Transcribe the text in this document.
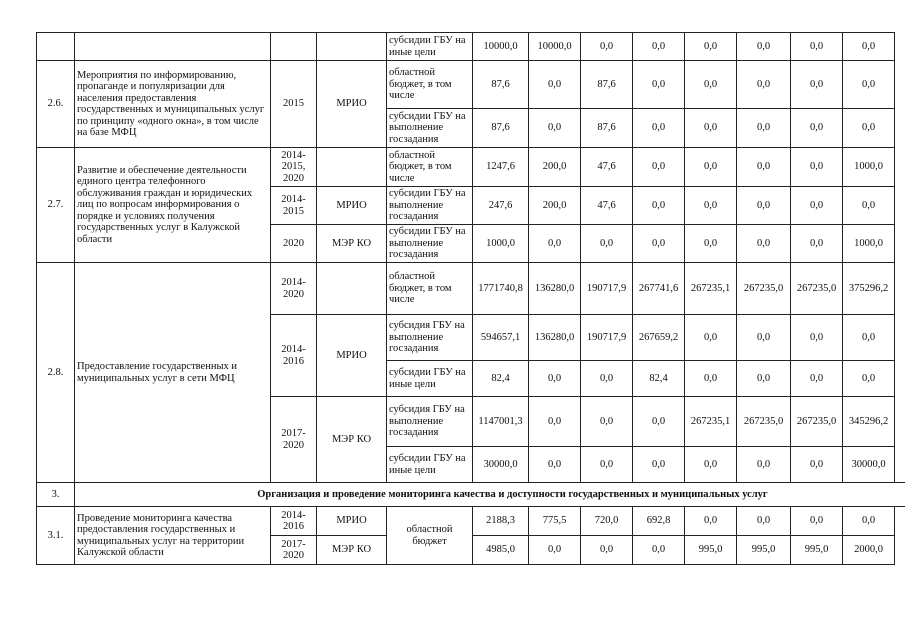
				субсидии ГБУ на иные цели	10000,0	10000,0	0,0	0,0	0,0	0,0	0,0	0,0
2.6.	Мероприятия по информированию, пропаганде и популяризации для населения предоставления государственных и муниципальных услуг по принципу «одного окна», в том числе на базе МФЦ	2015	МРИО	областной бюджет, в том числе	87,6	0,0	87,6	0,0	0,0	0,0	0,0	0,0
				субсидии ГБУ на выполнение госзадания	87,6	0,0	87,6	0,0	0,0	0,0	0,0	0,0
2.7.	Развитие и обеспечение деятельности единого центра телефонного обслуживания граждан и юридических лиц по вопросам информирования о порядке и условиях получения государственных услуг в Калужской области	2014-2015, 2020		областной бюджет, в том числе	1247,6	200,0	47,6	0,0	0,0	0,0	0,0	1000,0
		2014-2015	МРИО	субсидии ГБУ на выполнение госзадания	247,6	200,0	47,6	0,0	0,0	0,0	0,0	0,0
		2020	МЭР КО	субсидии ГБУ на выполнение госзадания	1000,0	0,0	0,0	0,0	0,0	0,0	0,0	1000,0
2.8.	Предоставление государственных и муниципальных услуг в сети МФЦ	2014-2020		областной бюджет, в том числе	1771740,8	136280,0	190717,9	267741,6	267235,1	267235,0	267235,0	375296,2
		2014-2016	МРИО	субсидия ГБУ на выполнение госзадания	594657,1	136280,0	190717,9	267659,2	0,0	0,0	0,0	0,0
				субсидии ГБУ на иные цели	82,4	0,0	0,0	82,4	0,0	0,0	0,0	0,0
		2017-2020	МЭР КО	субсидия ГБУ на выполнение госзадания	1147001,3	0,0	0,0	0,0	267235,1	267235,0	267235,0	345296,2
				субсидии ГБУ на иные цели	30000,0	0,0	0,0	0,0	0,0	0,0	0,0	30000,0
3.	Организация и проведение мониторинга качества и доступности государственных и муниципальных услуг											
3.1.	Проведение мониторинга качества предоставления государственных и муниципальных услуг на территории Калужской области	2014-2016	МРИО	областной бюджет	2188,3	775,5	720,0	692,8	0,0	0,0	0,0	0,0
		2017-2020	МЭР КО		4985,0	0,0	0,0	0,0	995,0	995,0	995,0	2000,0
